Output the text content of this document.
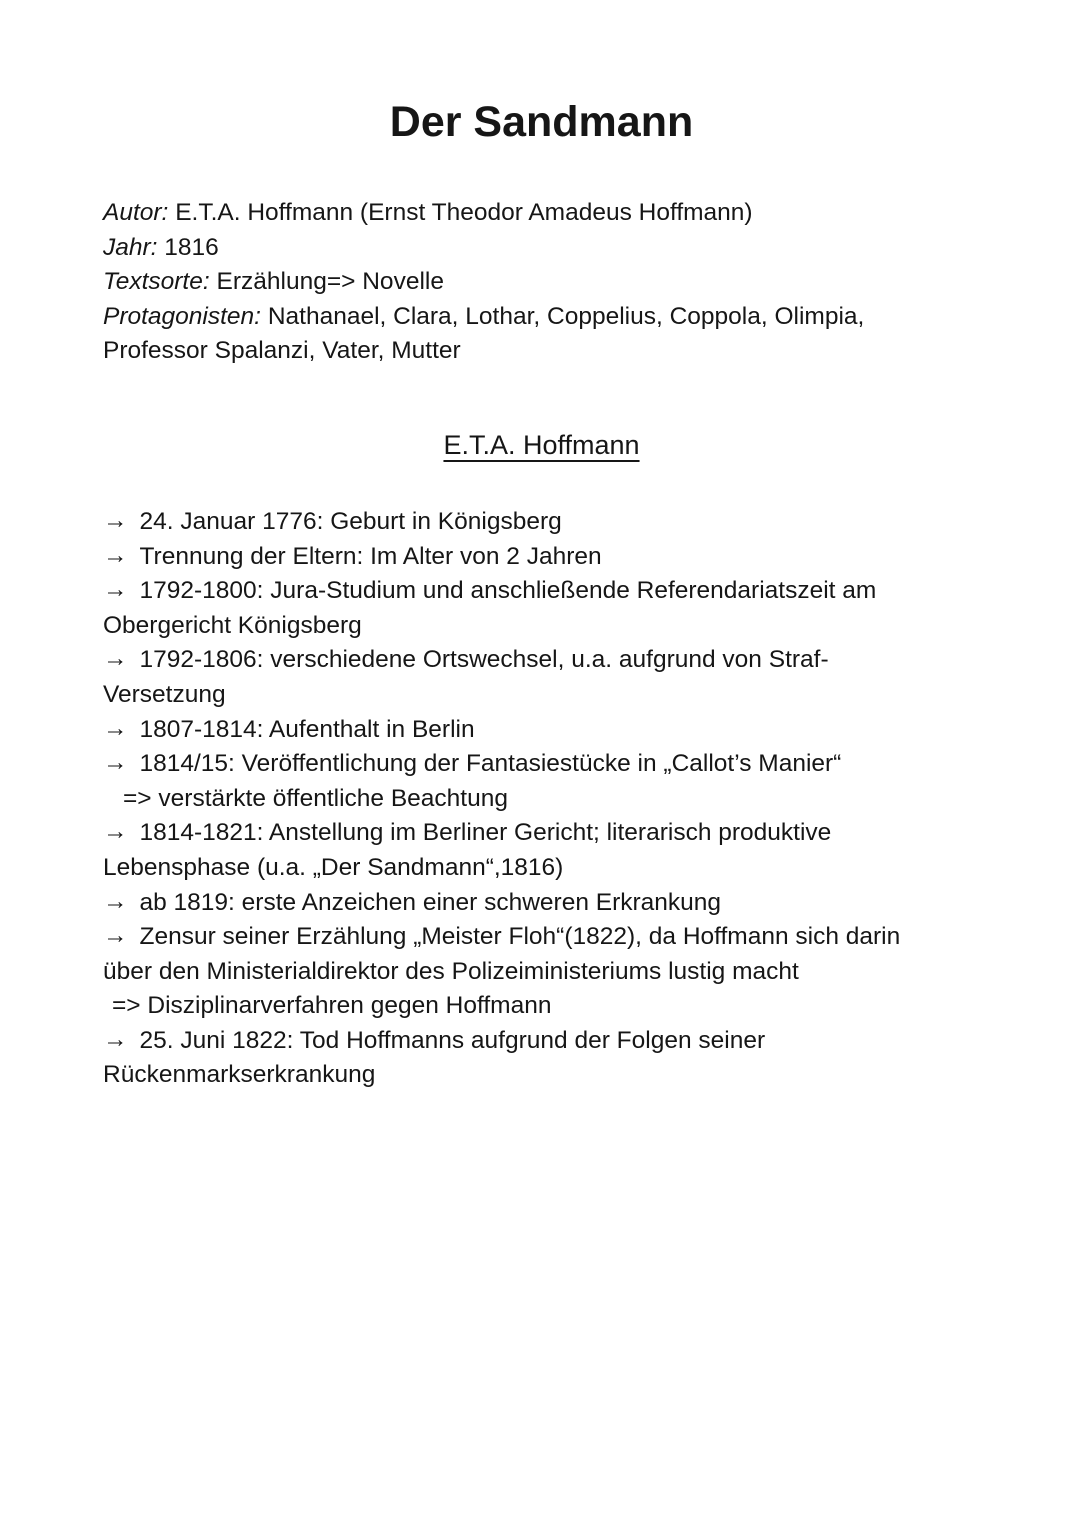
Der Sandmann

Autor: E.T.A. Hoffmann (Ernst Theodor Amadeus Hoffmann)

Jahr: 1816

Textsorte: Erzählung=> Novelle

Protagonisten: Nathanael, Clara, Lothar, Coppelius, Coppola, Olimpia,

Professor Spalanzi, Vater, Mutter

E.T.A. Hoffmann

→ 24. Januar 1776: Geburt in Königsberg

→ Trennung der Eltern: Im Alter von 2 Jahren

→ 1792-1800: Jura-Studium und anschließende Referendariatszeit am

Obergericht Königsberg

→ 1792-1806: verschiedene Ortswechsel, u.a. aufgrund von Straf-

Versetzung

→ 1807-1814: Aufenthalt in Berlin

→ 1814/15: Veröffentlichung der Fantasiestücke in „Callot’s Manier“

=> verstärkte öffentliche Beachtung

→ 1814-1821: Anstellung im Berliner Gericht; literarisch produktive

Lebensphase (u.a. „Der Sandmann“,1816)

→ ab 1819: erste Anzeichen einer schweren Erkrankung

→ Zensur seiner Erzählung „Meister Floh“(1822), da Hoffmann sich darin

über den Ministerialdirektor des Polizeiministeriums lustig macht

=> Disziplinarverfahren gegen Hoffmann

→ 25. Juni 1822: Tod Hoffmanns aufgrund der Folgen seiner

Rückenmarkserkrankung
